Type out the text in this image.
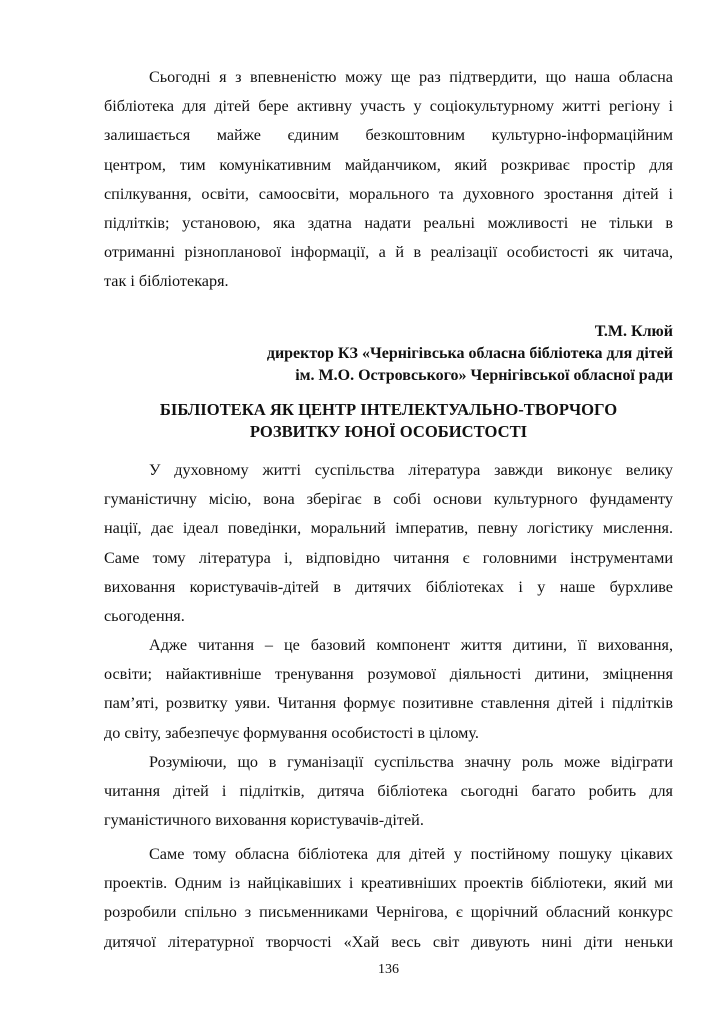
Сьогодні я з впевненістю можу ще раз підтвердити, що наша обласна
бібліотека для дітей бере активну участь у соціокультурному житті регіону і
залишається майже єдиним безкоштовним культурно-інформаційним
центром, тим комунікативним майданчиком, який розкриває простір для
спілкування, освіти, самоосвіти, морального та духовного зростання дітей і
підлітків; установою, яка здатна надати реальні можливості не тільки в
отриманні різнопланової інформації, а й в реалізації особистості як читача,
так і бібліотекаря.
Т.М. Клюй
директор КЗ «Чернігівська обласна бібліотека для дітей
ім. М.О. Островського» Чернігівської обласної ради
БІБЛІОТЕКА ЯК ЦЕНТР ІНТЕЛЕКТУАЛЬНО-ТВОРЧОГО
РОЗВИТКУ ЮНОЇ ОСОБИСТОСТІ
У духовному житті суспільства література завжди виконує велику
гуманістичну місію, вона зберігає в собі основи культурного фундаменту
нації, дає ідеал поведінки, моральний імператив, певну логістику мислення.
Саме тому література і, відповідно читання є головними інструментами
виховання користувачів-дітей в дитячих бібліотеках і у наше бурхливе
сьогодення.
Адже читання – це базовий компонент життя дитини, її виховання,
освіти; найактивніше тренування розумової діяльності дитини, зміцнення
пам’яті, розвитку уяви. Читання формує позитивне ставлення дітей і підлітків
до світу, забезпечує формування особистості в цілому.
Розуміючи, що в гуманізації суспільства значну роль може відіграти
читання дітей і підлітків, дитяча бібліотека сьогодні багато робить для
гуманістичного виховання користувачів-дітей.
Саме тому обласна бібліотека для дітей у постійному пошуку цікавих
проектів. Одним із найцікавіших і креативніших проектів бібліотеки, який ми
розробили спільно з письменниками Чернігова, є щорічний обласний конкурс
дитячої літературної творчості «Хай весь світ дивують нині діти неньки
136
